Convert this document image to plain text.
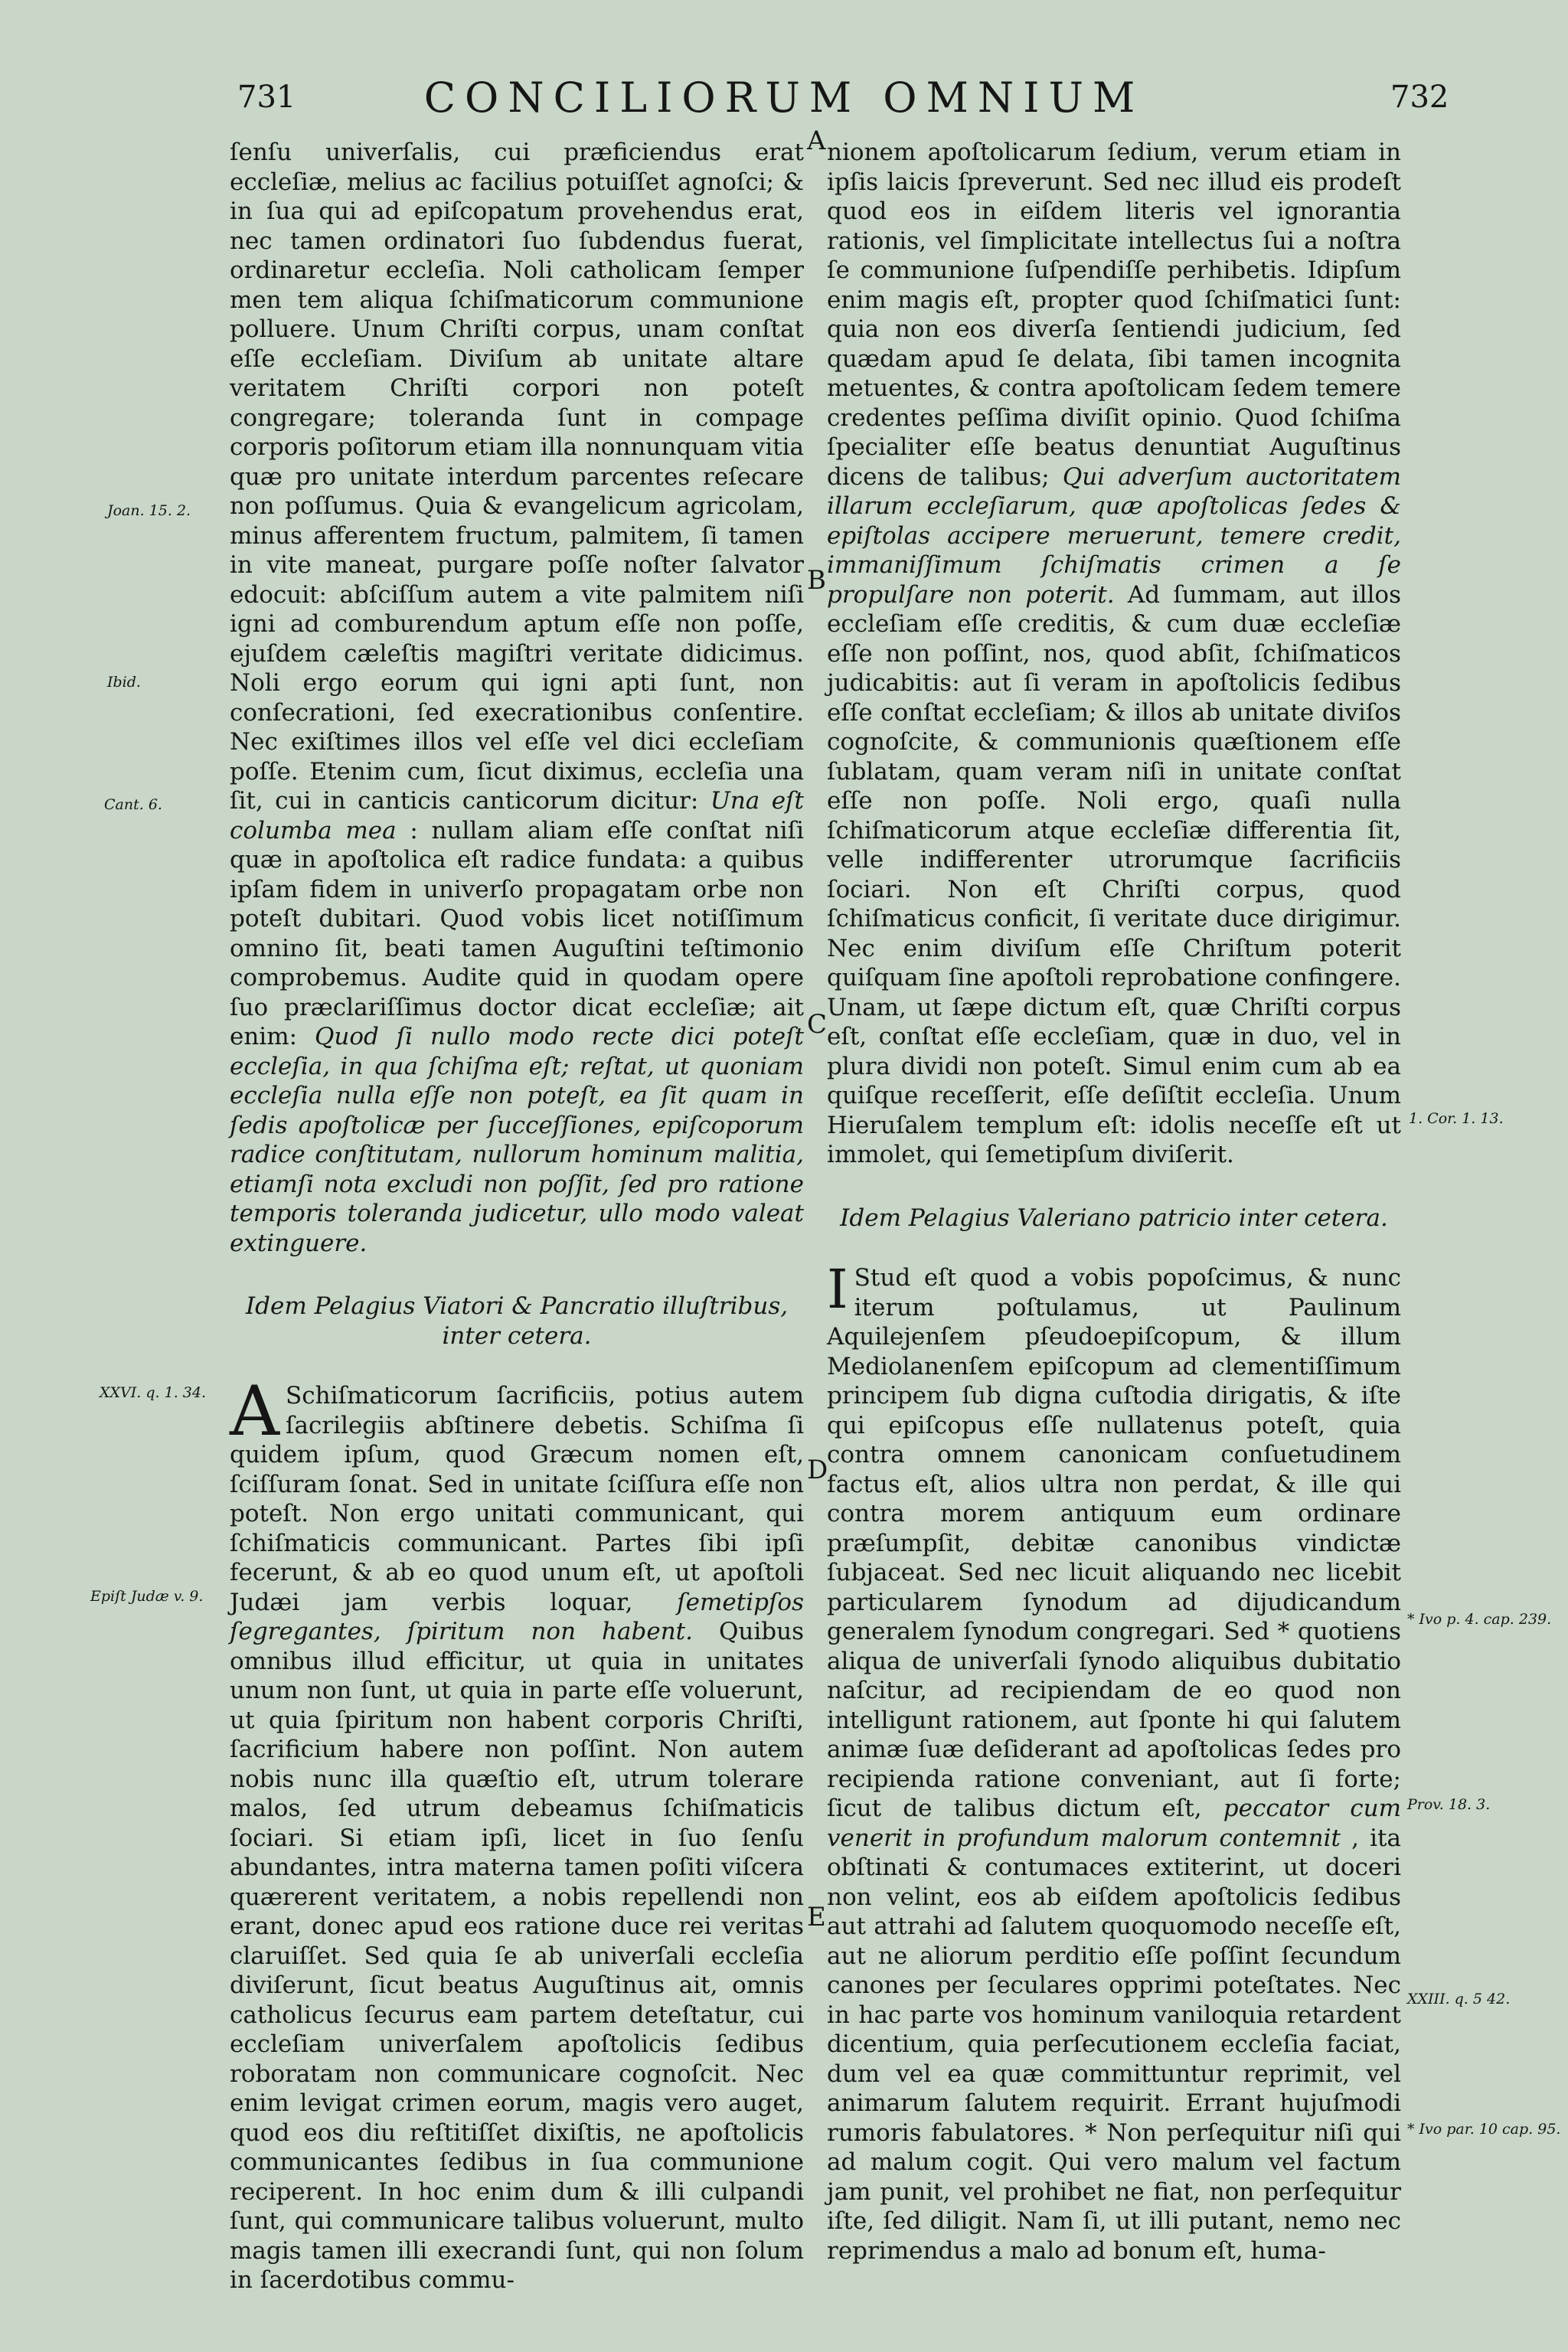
731	CONCILIORUM OMNIUM	732

ſenſu univerſalis, cui præficiendus erat eccleſiæ, melius ac facilius potuiſſet agnoſci; & in ſua qui ad epiſcopatum provehendus erat, nec tamen ordinatori ſuo ſubdendus fuerat, ordinaretur eccleſia. Noli catholicam ſemper men tem aliqua ſchiſmaticorum communione polluere. Unum Chriſti corpus, unam conſtat eſſe eccleſiam. Diviſum ab unitate altare veritatem Chriſti corpori non poteſt congregare; toleranda ſunt in compage corporis poſitorum etiam illa nonnunquam vitia quæ pro unitate interdum parcentes reſecare non poſſumus. Quia & evangelicum agricolam, minus afferentem fructum, palmitem, ſi tamen in vite maneat, purgare poſſe noſter ſalvator edocuit: abſciſſum autem a vite palmitem niſi igni ad comburendum aptum eſſe non poſſe, ejuſdem cæleſtis magiſtri veritate didicimus. Noli ergo eorum qui igni apti ſunt, non conſecrationi, ſed execrationibus conſentire. Nec exiſtimes illos vel eſſe vel dici eccleſiam poſſe. Etenim cum, ſicut diximus, eccleſia una ſit, cui in canticis canticorum dicitur: Una eſt columba mea : nullam aliam eſſe conſtat niſi quæ in apoſtolica eſt radice fundata: a quibus ipſam fidem in univerſo propagatam orbe non poteſt dubitari. Quod vobis licet notiſſimum omnino ſit, beati tamen Auguſtini teſtimonio comprobemus. Audite quid in quodam opere ſuo præclariſſimus doctor dicat eccleſiæ; ait enim: Quod ſi nullo modo recte dici poteſt eccleſia, in qua ſchiſma eſt; reſtat, ut quoniam eccleſia nulla eſſe non poteſt, ea ſit quam in ſedis apoſtolicæ per ſucceſſiones, epiſcoporum radice conſtitutam, nullorum hominum malitia, etiamſi nota excludi non poſſit, ſed pro ratione temporis toleranda judicetur, ullo modo valeat extinguere.

Idem Pelagius Viatori & Pancratio illuſtribus, inter cetera.

A Schiſmaticorum ſacrificiis, potius autem ſacrilegiis abſtinere debetis. Schiſma ſi quidem ipſum, quod Græcum nomen eſt, ſciſſuram ſonat. Sed in unitate ſciſſura eſſe non poteſt. Non ergo unitati communicant, qui ſchiſmaticis communicant. Partes ſibi ipſi fecerunt, & ab eo quod unum eſt, ut apoſtoli Judæi jam verbis loquar, ſemetipſos ſegregantes, ſpiritum non habent. Quibus omnibus illud efficitur, ut quia in unitates unum non ſunt, ut quia in parte eſſe voluerunt, ut quia ſpiritum non habent corporis Chriſti, ſacrificium habere non poſſint. Non autem nobis nunc illa quæſtio eſt, utrum tolerare malos, ſed utrum debeamus ſchiſmaticis ſociari. Si etiam ipſi, licet in ſuo ſenſu abundantes, intra materna tamen poſiti viſcera quærerent veritatem, a nobis repellendi non erant, donec apud eos ratione duce rei veritas claruiſſet. Sed quia ſe ab univerſali eccleſia diviſerunt, ſicut beatus Auguſtinus ait, omnis catholicus ſecurus eam partem deteſtatur, cui eccleſiam univerſalem apoſtolicis ſedibus roboratam non communicare cognoſcit. Nec enim levigat crimen eorum, magis vero auget, quod eos diu reſtitiſſet dixiſtis, ne apoſtolicis communicantes ſedibus in ſua communione reciperent. In hoc enim dum & illi culpandi ſunt, qui communicare talibus voluerunt, multo magis tamen illi execrandi ſunt, qui non ſolum in ſacerdotibus commu-

nionem apoſtolicarum ſedium, verum etiam in ipſis laicis ſpreverunt. Sed nec illud eis prodeſt quod eos in eiſdem literis vel ignorantia rationis, vel ſimplicitate intellectus ſui a noſtra ſe communione ſuſpendiſſe perhibetis. Idipſum enim magis eſt, propter quod ſchiſmatici ſunt: quia non eos diverſa ſentiendi judicium, ſed quædam apud ſe delata, ſibi tamen incognita metuentes, & contra apoſtolicam ſedem temere credentes peſſima diviſit opinio. Quod ſchiſma ſpecialiter eſſe beatus denuntiat Auguſtinus dicens de talibus; Qui adverſum auctoritatem illarum eccleſiarum, quæ apoſtolicas ſedes & epiſtolas accipere meruerunt, temere credit, immaniſſimum ſchiſmatis crimen a ſe propulſare non poterit. Ad ſummam, aut illos eccleſiam eſſe creditis, & cum duæ eccleſiæ eſſe non poſſint, nos, quod abſit, ſchiſmaticos judicabitis: aut ſi veram in apoſtolicis ſedibus eſſe conſtat eccleſiam; & illos ab unitate diviſos cognoſcite, & communionis quæſtionem eſſe ſublatam, quam veram niſi in unitate conſtat eſſe non poſſe. Noli ergo, quaſi nulla ſchiſmaticorum atque eccleſiæ differentia ſit, velle indifferenter utrorumque ſacrificiis ſociari. Non eſt Chriſti corpus, quod ſchiſmaticus conficit, ſi veritate duce dirigimur. Nec enim diviſum eſſe Chriſtum poterit quiſquam ſine apoſtoli reprobatione confingere. Unam, ut ſæpe dictum eſt, quæ Chriſti corpus eſt, conſtat eſſe eccleſiam, quæ in duo, vel in plura dividi non poteſt. Simul enim cum ab ea quiſque receſſerit, eſſe deſiſtit eccleſia. Unum Hieruſalem templum eſt: idolis neceſſe eſt ut immolet, qui ſemetipſum diviſerit.

Idem Pelagius Valeriano patricio inter cetera.

I Stud eſt quod a vobis popoſcimus, & nunc iterum poſtulamus, ut Paulinum Aquilejenſem pſeudoepiſcopum, & illum Mediolanenſem epiſcopum ad clementiſſimum principem ſub digna cuſtodia dirigatis, & iſte qui epiſcopus eſſe nullatenus poteſt, quia contra omnem canonicam conſuetudinem factus eſt, alios ultra non perdat, & ille qui contra morem antiquum eum ordinare præſumpſit, debitæ canonibus vindictæ ſubjaceat. Sed nec licuit aliquando nec licebit particularem ſynodum ad dijudicandum generalem ſynodum congregari. Sed * quotiens aliqua de univerſali ſynodo aliquibus dubitatio naſcitur, ad recipiendam de eo quod non intelligunt rationem, aut ſponte hi qui ſalutem animæ ſuæ deſiderant ad apoſtolicas ſedes pro recipienda ratione conveniant, aut ſi forte; ſicut de talibus dictum eſt, peccator cum venerit in profundum malorum contemnit , ita obſtinati & contumaces extiterint, ut doceri non velint, eos ab eiſdem apoſtolicis ſedibus aut attrahi ad ſalutem quoquomodo neceſſe eſt, aut ne aliorum perditio eſſe poſſint ſecundum canones per ſeculares opprimi poteſtates. Nec in hac parte vos hominum vaniloquia retardent dicentium, quia perſecutionem eccleſia faciat, dum vel ea quæ committuntur reprimit, vel animarum ſalutem requirit. Errant hujuſmodi rumoris fabulatores. * Non perſequitur niſi qui ad malum cogit. Qui vero malum vel factum jam punit, vel prohibet ne fiat, non perſequitur iſte, ſed diligit. Nam ſi, ut illi putant, nemo nec reprimendus a malo ad bonum eſt, huma-

A
B
C
D
E
Joan. 15. 2.
Ibid.
Cant. 6.
XXVI. q. 1. 34.
Epiſt Judæ v. 9.
1. Cor. 1. 13.
* Ivo p. 4. cap. 239.
Prov. 18. 3.
XXIII. q. 5 42.
* Ivo par. 10 cap. 95.
